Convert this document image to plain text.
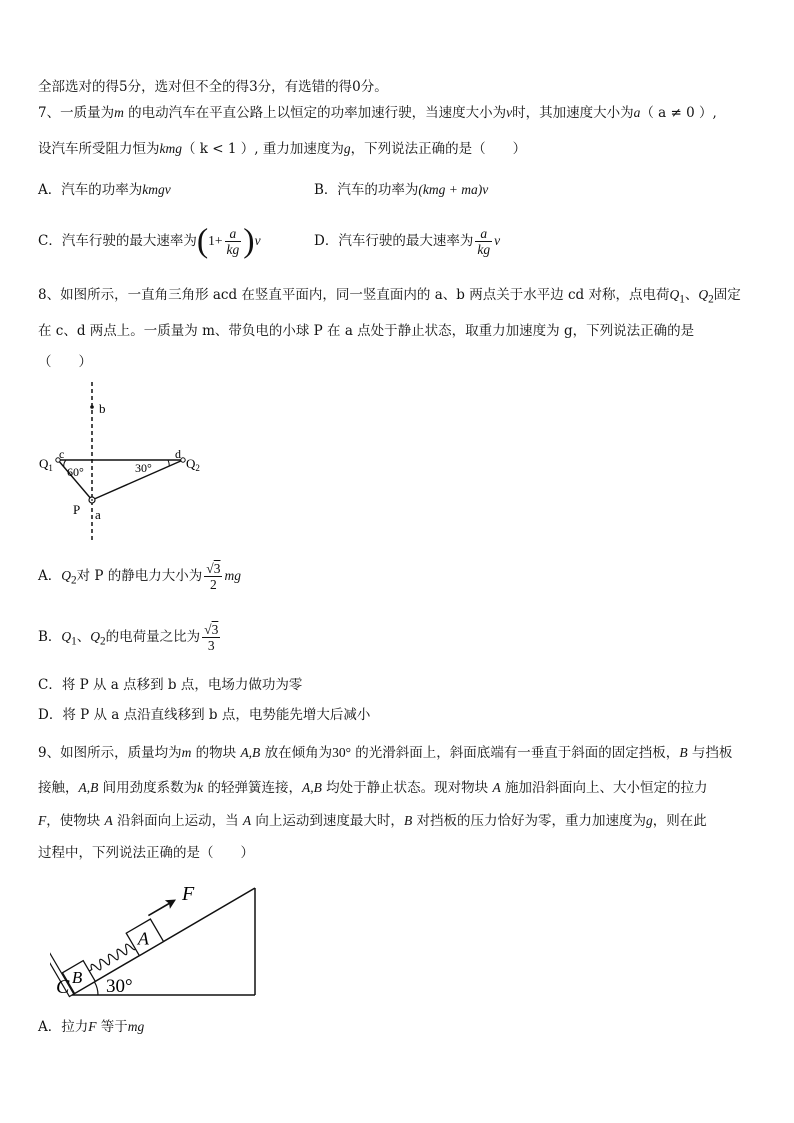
全部选对的得5分，选对但不全的得3分，有选错的得0分。
7、一质量为m 的电动汽车在平直公路上以恒定的功率加速行驶，当速度大小为v时，其加速度大小为a（ a ≠ 0 ）,
设汽车所受阻力恒为kmg（ k < 1 ）, 重力加速度为g，下列说法正确的是（　　）
A．汽车的功率为kmgv	B．汽车的功率为(kmg + ma)v
C．汽车行驶的最大速率为$(1+ \frac{a}{kg} )v$	D．汽车行驶的最大速率为 $\frac{a}{kg}$ v
8、如图所示，一直角三角形 acd 在竖直平面内，同一竖直面内的 a、b 两点关于水平边 cd 对称，点电荷$Q_1$、$Q_2$固定
在 c、d 两点上。一质量为 m、带负电的小球 P 在 a 点处于静止状态，取重力加速度为 g，下列说法正确的是
（　　）
b
c	d
$Q_1$	$Q_2$
60°	30°
P a
A．$Q_2$对 P 的静电力大小为 $\frac{√3}{2}$ mg
B．$Q_1$、$Q_2$的电荷量之比为 $\frac{√3}{3}$
C．将 P 从 a 点移到 b 点，电场力做功为零
D．将 P 从 a 点沿直线移到 b 点，电势能先增大后减小
9、如图所示，质量均为m 的物块 A,B 放在倾角为30° 的光滑斜面上，斜面底端有一垂直于斜面的固定挡板，B 与挡板
接触，A,B 间用劲度系数为k 的轻弹簧连接，A,B 均处于静止状态。现对物块 A 施加沿斜面向上、大小恒定的拉力
F，使物块 A 沿斜面向上运动，当 A 向上运动到速度最大时，B 对挡板的压力恰好为零，重力加速度为g，则在此
过程中，下列说法正确的是（　　）
B
A
F
C 30°
A．拉力F 等于mg
